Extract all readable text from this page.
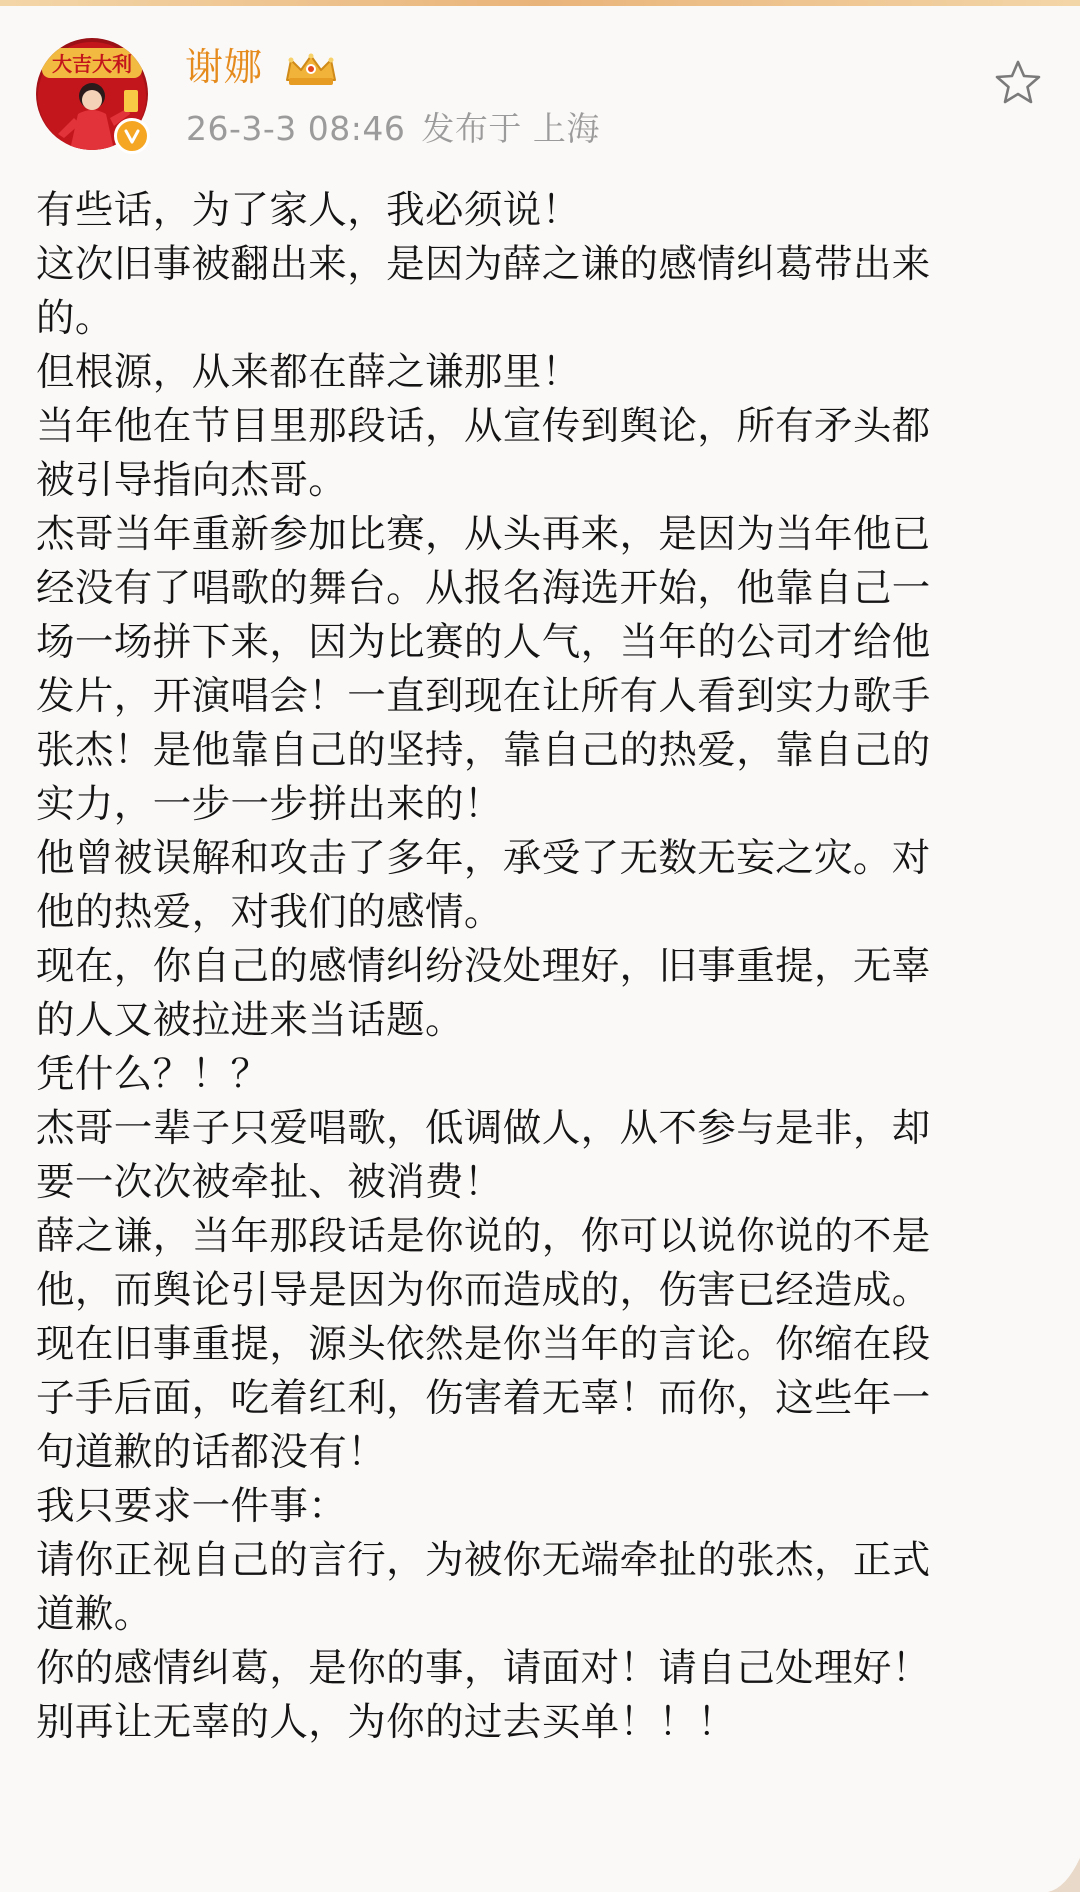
大吉大利 谢娜
26-3-3 08:46 发布于 上海

有些话，为了家人，我必须说！

这次旧事被翻出来，是因为薛之谦的感情纠葛带出来

的。

但根源，从来都在薛之谦那里！

当年他在节目里那段话，从宣传到舆论，所有矛头都

被引导指向杰哥。

杰哥当年重新参加比赛，从头再来，是因为当年他已

经没有了唱歌的舞台。从报名海选开始，他靠自己一

场一场拼下来，因为比赛的人气，当年的公司才给他

发片，开演唱会！一直到现在让所有人看到实力歌手

张杰！是他靠自己的坚持，靠自己的热爱，靠自己的

实力，一步一步拼出来的！

他曾被误解和攻击了多年，承受了无数无妄之灾。对

他的热爱，对我们的感情。

现在，你自己的感情纠纷没处理好，旧事重提，无辜

的人又被拉进来当话题。

凭什么？！？

杰哥一辈子只爱唱歌，低调做人，从不参与是非，却

要一次次被牵扯、被消费！

薛之谦，当年那段话是你说的，你可以说你说的不是

他，而舆论引导是因为你而造成的，伤害已经造成。

现在旧事重提，源头依然是你当年的言论。你缩在段

子手后面，吃着红利，伤害着无辜！而你，这些年一

句道歉的话都没有！

我只要求一件事：

请你正视自己的言行，为被你无端牵扯的张杰，正式

道歉。

你的感情纠葛，是你的事，请面对！请自己处理好！

别再让无辜的人，为你的过去买单！！！
